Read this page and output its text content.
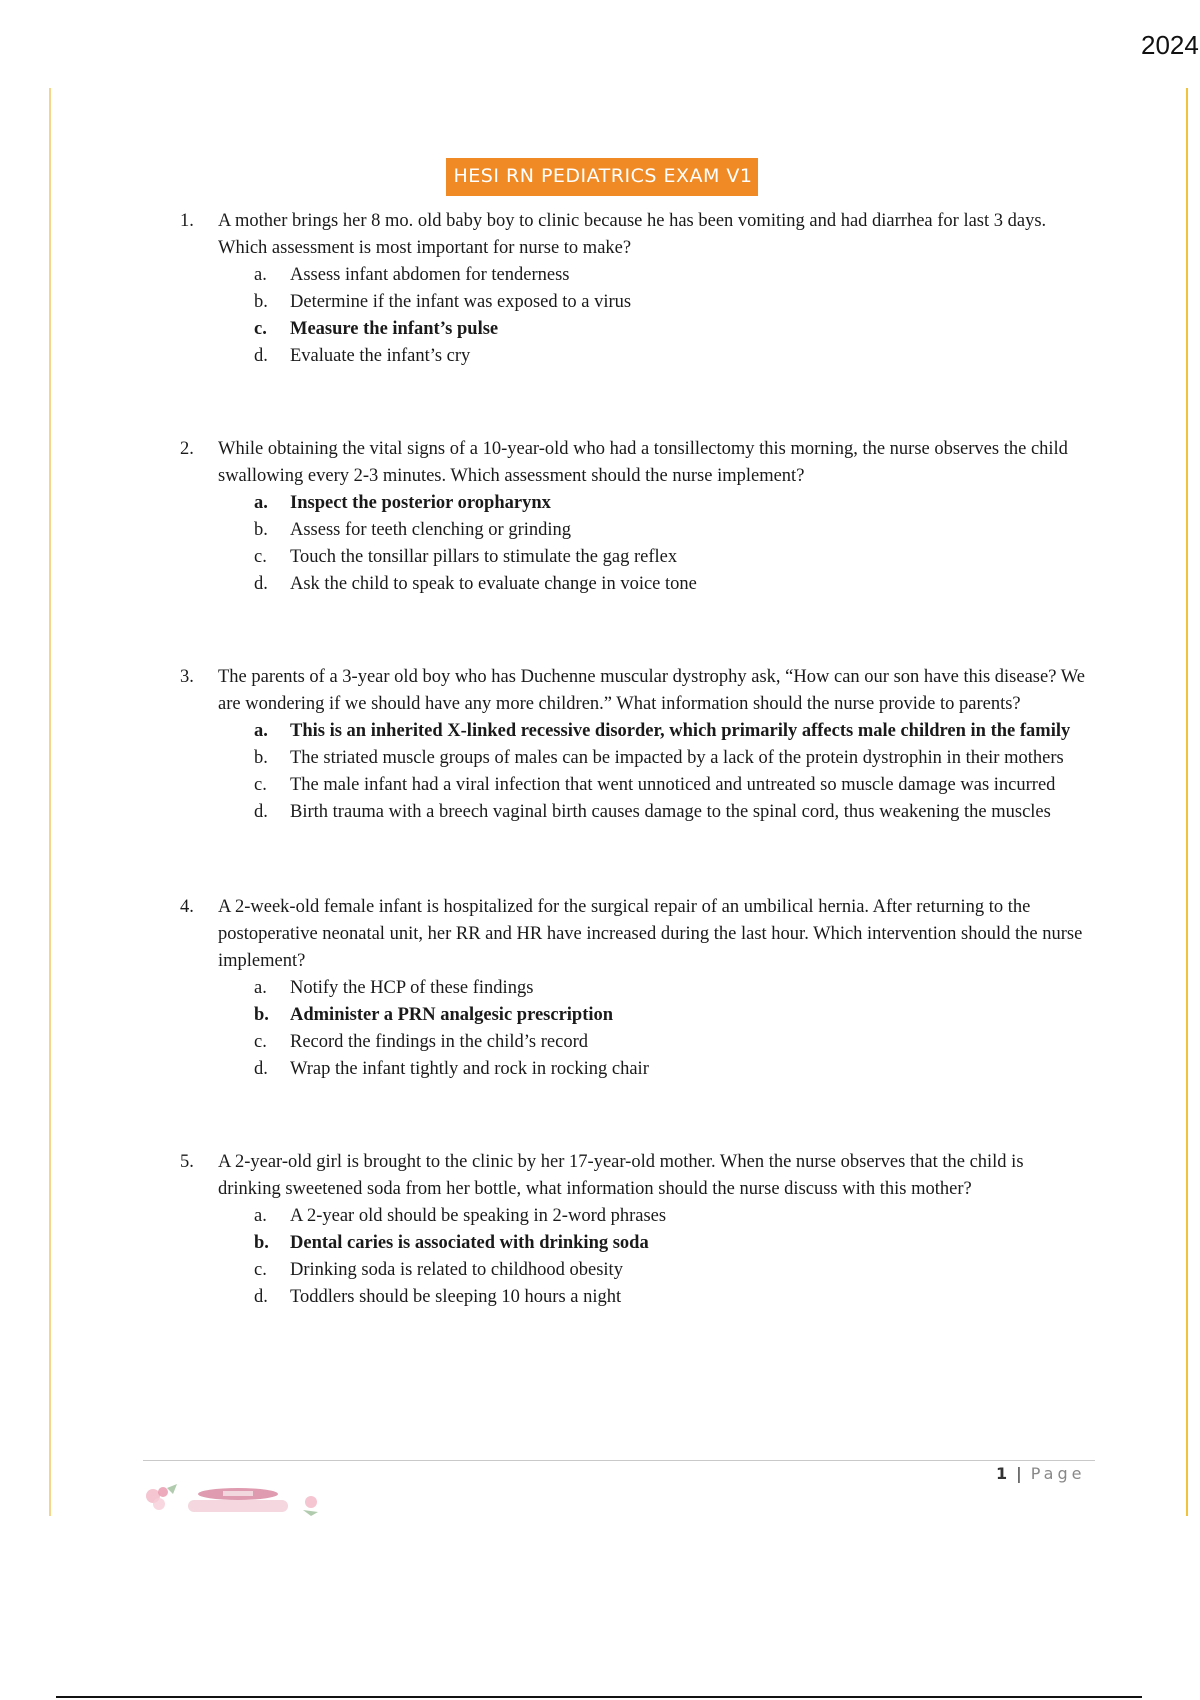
2024
HESI RN PEDIATRICS EXAM V1
1. A mother brings her 8 mo. old baby boy to clinic because he has been vomiting and had diarrhea for last 3 days. Which assessment is most important for nurse to make?
a. Assess infant abdomen for tenderness
b. Determine if the infant was exposed to a virus
c. Measure the infant’s pulse
d. Evaluate the infant’s cry
2. While obtaining the vital signs of a 10-year-old who had a tonsillectomy this morning, the nurse observes the child swallowing every 2-3 minutes. Which assessment should the nurse implement?
a. Inspect the posterior oropharynx
b. Assess for teeth clenching or grinding
c. Touch the tonsillar pillars to stimulate the gag reflex
d. Ask the child to speak to evaluate change in voice tone
3. The parents of a 3-year old boy who has Duchenne muscular dystrophy ask, “How can our son have this disease? We are wondering if we should have any more children.” What information should the nurse provide to parents?
a. This is an inherited X-linked recessive disorder, which primarily affects male children in the family
b. The striated muscle groups of males can be impacted by a lack of the protein dystrophin in their mothers
c. The male infant had a viral infection that went unnoticed and untreated so muscle damage was incurred
d. Birth trauma with a breech vaginal birth causes damage to the spinal cord, thus weakening the muscles
4. A 2-week-old female infant is hospitalized for the surgical repair of an umbilical hernia. After returning to the postoperative neonatal unit, her RR and HR have increased during the last hour. Which intervention should the nurse implement?
a. Notify the HCP of these findings
b. Administer a PRN analgesic prescription
c. Record the findings in the child’s record
d. Wrap the infant tightly and rock in rocking chair
5. A 2-year-old girl is brought to the clinic by her 17-year-old mother. When the nurse observes that the child is drinking sweetened soda from her bottle, what information should the nurse discuss with this mother?
a. A 2-year old should be speaking in 2-word phrases
b. Dental caries is associated with drinking soda
c. Drinking soda is related to childhood obesity
d. Toddlers should be sleeping 10 hours a night
1 | Page
